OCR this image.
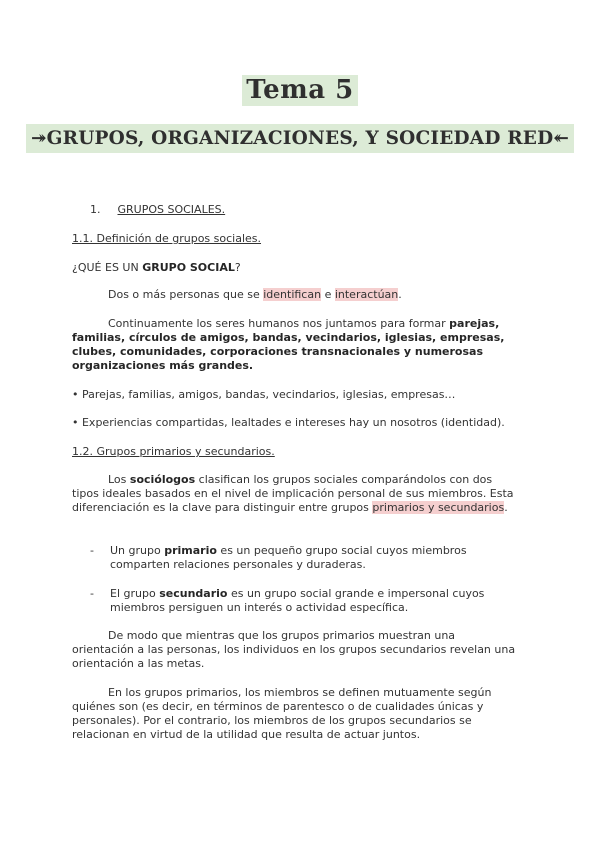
Tema 5
↠GRUPOS, ORGANIZACIONES, Y SOCIEDAD RED↞
1. GRUPOS SOCIALES.
1.1. Definición de grupos sociales.
¿QUÉ ES UN GRUPO SOCIAL?
Dos o más personas que se identifican e interactúan.
Continuamente los seres humanos nos juntamos para formar parejas, familias, círculos de amigos, bandas, vecindarios, iglesias, empresas, clubes, comunidades, corporaciones transnacionales y numerosas organizaciones más grandes.
• Parejas, familias, amigos, bandas, vecindarios, iglesias, empresas…
• Experiencias compartidas, lealtades e intereses hay un nosotros (identidad).
1.2. Grupos primarios y secundarios.
Los sociólogos clasifican los grupos sociales comparándolos con dos tipos ideales basados en el nivel de implicación personal de sus miembros. Esta diferenciación es la clave para distinguir entre grupos primarios y secundarios.
- Un grupo primario es un pequeño grupo social cuyos miembros comparten relaciones personales y duraderas.
- El grupo secundario es un grupo social grande e impersonal cuyos miembros persiguen un interés o actividad específica.
De modo que mientras que los grupos primarios muestran una orientación a las personas, los individuos en los grupos secundarios revelan una orientación a las metas.
En los grupos primarios, los miembros se definen mutuamente según quiénes son (es decir, en términos de parentesco o de cualidades únicas y personales). Por el contrario, los miembros de los grupos secundarios se relacionan en virtud de la utilidad que resulta de actuar juntos.
